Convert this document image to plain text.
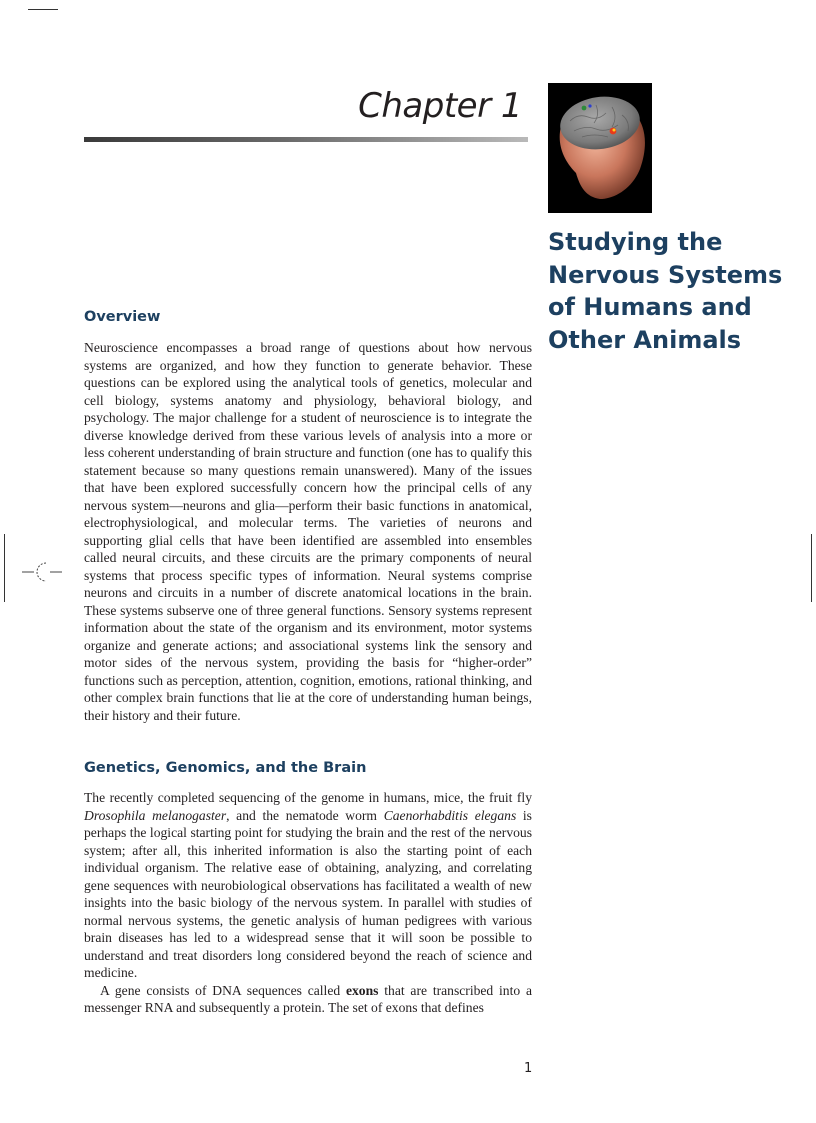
Chapter 1
Studying the
Nervous Systems
of Humans and
Other Animals
Overview

Neuroscience encompasses a broad range of questions about how nervous systems are organized, and how they function to generate behavior. These questions can be explored using the analytical tools of genetics, molecular and cell biology, systems anatomy and physiology, behavioral biology, and psychology. The major challenge for a student of neuroscience is to integrate the diverse knowledge derived from these various levels of analysis into a more or less coherent understanding of brain structure and function (one has to qualify this statement because so many questions remain unanswered). Many of the issues that have been explored successfully concern how the principal cells of any nervous system—neurons and glia—perform their basic functions in anatomical, electrophysiological, and molecular terms. The varieties of neurons and supporting glial cells that have been identified are assembled into ensembles called neural circuits, and these circuits are the primary components of neural systems that process specific types of information. Neural systems comprise neurons and circuits in a number of discrete anatomical locations in the brain. These systems subserve one of three general functions. Sensory systems represent information about the state of the organism and its environment, motor systems organize and generate actions; and associational systems link the sensory and motor sides of the nervous system, providing the basis for “higher-order” functions such as perception, attention, cognition, emotions, rational thinking, and other complex brain functions that lie at the core of understanding human beings, their history and their future.

Genetics, Genomics, and the Brain

The recently completed sequencing of the genome in humans, mice, the fruit fly Drosophila melanogaster, and the nematode worm Caenorhabditis elegans is perhaps the logical starting point for studying the brain and the rest of the nervous system; after all, this inherited information is also the starting point of each individual organism. The relative ease of obtaining, analyzing, and correlating gene sequences with neurobiological observations has facilitated a wealth of new insights into the basic biology of the nervous system. In parallel with studies of normal nervous systems, the genetic analysis of human pedigrees with various brain diseases has led to a widespread sense that it will soon be possible to understand and treat disorders long considered beyond the reach of science and medicine.

A gene consists of DNA sequences called exons that are transcribed into a messenger RNA and subsequently a protein. The set of exons that defines

1
